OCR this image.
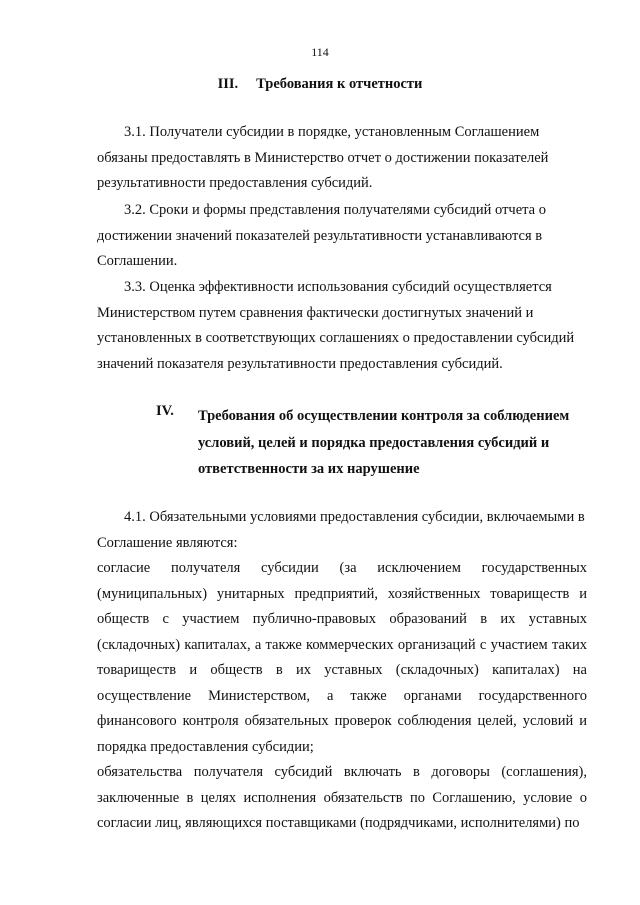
114
III. Требования к отчетности

3.1. Получатели субсидии в порядке, установленным Соглашением обязаны предоставлять в Министерство отчет о достижении показателей результативности предоставления субсидий.

3.2. Сроки и формы представления получателями субсидий отчета о достижении значений показателей результативности устанавливаются в Соглашении.

3.3. Оценка эффективности использования субсидий осуществляется Министерством путем сравнения фактически достигнутых значений и установленных в соответствующих соглашениях о предоставлении субсидий значений показателя результативности предоставления субсидий.

IV. Требования об осуществлении контроля за соблюдением условий, целей и порядка предоставления субсидий и ответственности за их нарушение

4.1. Обязательными условиями предоставления субсидии, включаемыми в Соглашение являются:

согласие получателя субсидии (за исключением государственных (муниципальных) унитарных предприятий, хозяйственных товариществ и обществ с участием публично-правовых образований в их уставных (складочных) капиталах, а также коммерческих организаций с участием таких товариществ и обществ в их уставных (складочных) капиталах) на осуществление Министерством, а также органами государственного финансового контроля обязательных проверок соблюдения целей, условий и порядка предоставления субсидии;

обязательства получателя субсидий включать в договоры (соглашения), заключенные в целях исполнения обязательств по Соглашению, условие о согласии лиц, являющихся поставщиками (подрядчиками, исполнителями) по
